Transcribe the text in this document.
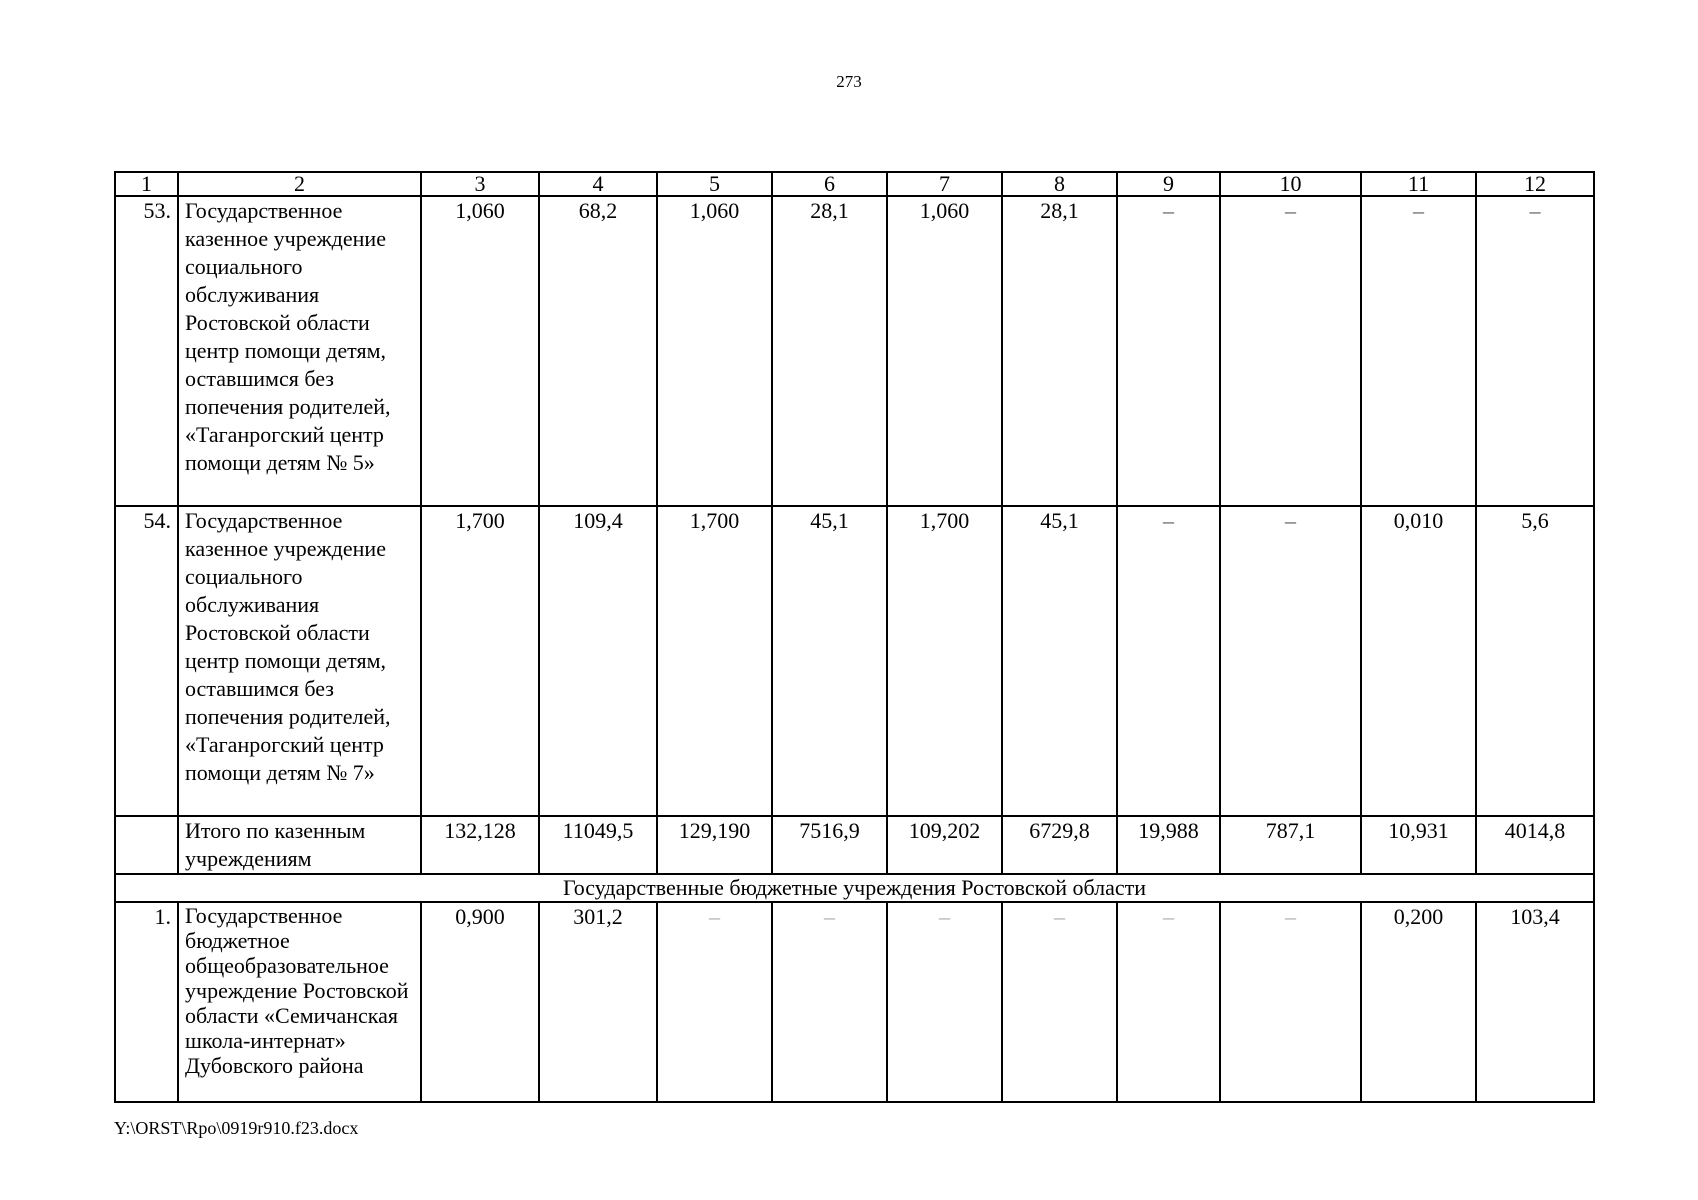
273
1	2	3	4	5	6	7	8	9	10	11	12
53.	Государственное казенное учреждение социального обслуживания Ростовской области центр помощи детям, оставшимся без попечения родителей, «Таганрогский центр помощи детям № 5»	1,060	68,2	1,060	28,1	1,060	28,1	–	–	–	–
54.	Государственное казенное учреждение социального обслуживания Ростовской области центр помощи детям, оставшимся без попечения родителей, «Таганрогский центр помощи детям № 7»	1,700	109,4	1,700	45,1	1,700	45,1	–	–	0,010	5,6
	Итого по казенным учреждениям	132,128	11049,5	129,190	7516,9	109,202	6729,8	19,988	787,1	10,931	4014,8
Государственные бюджетные учреждения Ростовской области											
1.	Государственное бюджетное общеобразовательное учреждение Ростовской области «Семичанская школа-интернат» Дубовского района	0,900	301,2	–	–	–	–	–	–	0,200	103,4
Y:\ORST\Rpo\0919r910.f23.docx
